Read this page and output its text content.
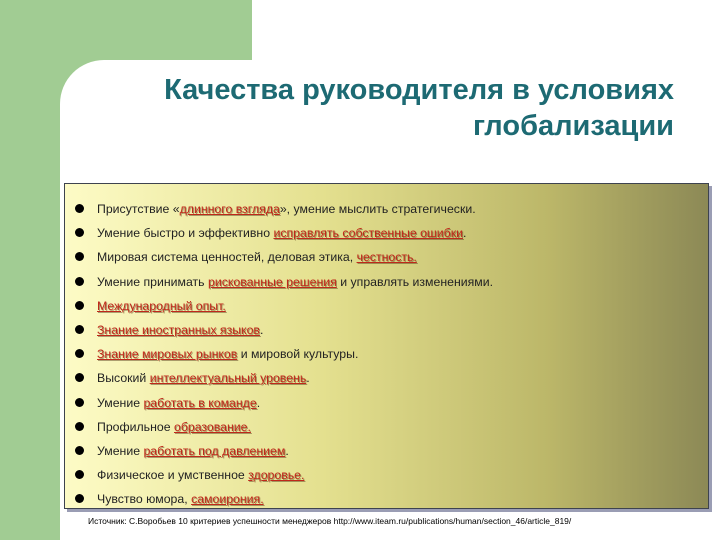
Качества руководителя в условиях
глобализации
Присутствие «длинного взгляда», умение мыслить стратегически.
Умение быстро и эффективно исправлять собственные ошибки.
Мировая система ценностей, деловая этика, честность.
Умение принимать рискованные решения и управлять изменениями.
Международный опыт.
Знание иностранных языков.
Знание мировых рынков и мировой культуры.
Высокий интеллектуальный уровень.
Умение работать в команде.
Профильное образование.
Умение работать под давлением.
Физическое и умственное здоровье.
Чувство юмора, самоирония.
Источник: С.Воробьев 10 критериев успешности менеджеров http://www.iteam.ru/publications/human/section_46/article_819/
